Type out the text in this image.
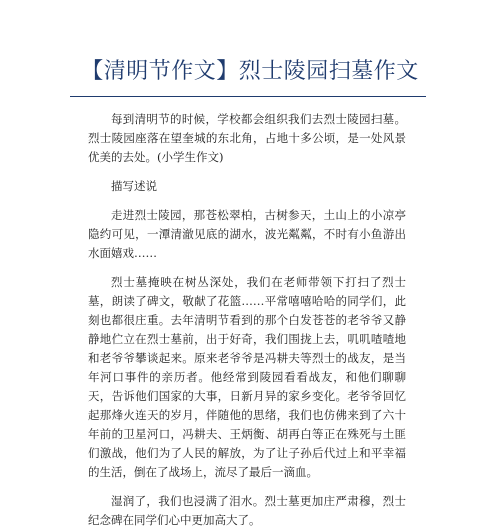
【清明节作文】烈士陵园扫墓作文

每到清明节的时候，学校都会组织我们去烈士陵园扫墓。烈士陵园座落在望奎城的东北角，占地十多公顷，是一处风景优美的去处。(小学生作文)

描写述说

走进烈士陵园，那苍松翠柏，古树参天，土山上的小凉亭隐约可见，一潭清澈见底的湖水，波光粼粼，不时有小鱼游出水面嬉戏……

烈士墓掩映在树丛深处，我们在老师带领下打扫了烈士墓，朗读了碑文，敬献了花篮……平常嘻嘻哈哈的同学们，此刻也都很庄重。去年清明节看到的那个白发苍苍的老爷爷又静静地伫立在烈士墓前，出于好奇，我们围拢上去，叽叽喳喳地和老爷爷攀谈起来。原来老爷爷是冯耕夫等烈士的战友，是当年河口事件的亲历者。他经常到陵园看看战友，和他们聊聊天，告诉他们国家的大事，日新月异的家乡变化。老爷爷回忆起那烽火连天的岁月，伴随他的思绪，我们也仿佛来到了六十年前的卫星河口，冯耕夫、王炳衡、胡再白等正在殊死与土匪们激战，他们为了人民的解放，为了让子孙后代过上和平幸福的生活，倒在了战场上，流尽了最后一滴血。

湿润了，我们也浸满了泪水。烈士墓更加庄严肃穆，烈士纪念碑在同学们心中更加高大了。
